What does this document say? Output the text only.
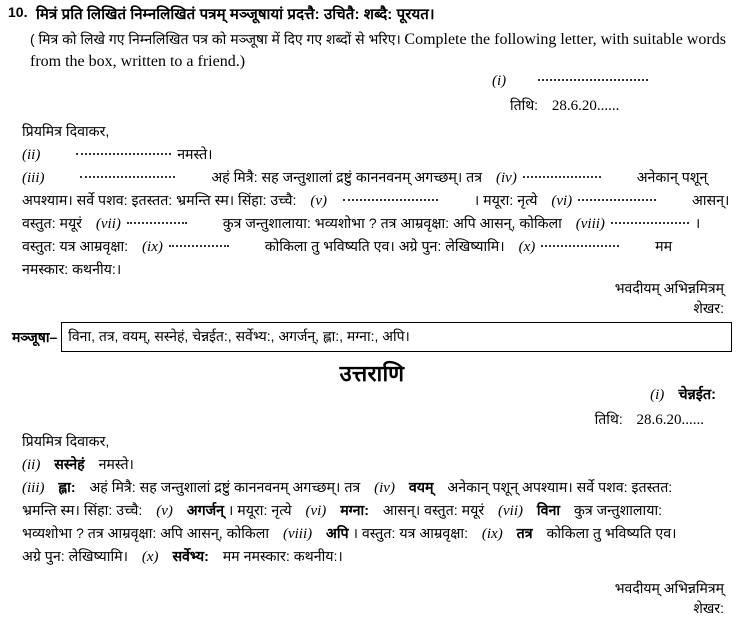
10. मित्रं प्रति लिखितं निम्नलिखितं पत्रम् मञ्जूषायां प्रदत्तै: उचितै: शब्दै: पूरयत।
( मित्र को लिखे गए निम्नलिखित पत्र को मञ्जूषा में दिए गए शब्दों से भरिए। Complete the following letter, with suitable words from the box, written to a friend.)
(i)
तिथि: 28.6.20......
प्रियमित्र दिवाकर,
(ii)	नमस्ते।
(iii)	अहं मित्रै: सह जन्तुशालां द्रष्टुं काननवनम् अगच्छम्। तत्र (iv)	अनेकान् पशून्
अपश्याम। सर्वे पशव: इतस्तत: भ्रमन्ति स्म। सिंहा: उच्चै: (v)	। मयूरा: नृत्ये (vi)	आसन्।
वस्तुत: मयूरं (vii)	कुत्र जन्तुशालाया: भव्यशोभा ? तत्र आम्रवृक्षा: अपि आसन्, कोकिला (viii)	।
वस्तुत: यत्र आम्रवृक्षा: (ix)	कोकिला तु भविष्यति एव। अग्रे पुन: लेखिष्यामि। (x)	मम
नमस्कार: कथनीय:।
भवदीयम् अभिन्नमित्रम्
शेखर:
मञ्जूषा– विना, तत्र, वयम्, सस्नेहं, चेन्नईत:, सर्वेभ्य:, अगर्जन्, ह्ला:, मग्ना:, अपि।
उत्तराणि
(i) चेन्नईत:
तिथि: 28.6.20......
प्रियमित्र दिवाकर,
(ii) सस्नेहं नमस्ते।
(iii) ह्ला: अहं मित्रै: सह जन्तुशालां द्रष्टुं काननवनम् अगच्छम्। तत्र (iv) वयम् अनेकान् पशून् अपश्याम। सर्वे पशव: इतस्तत:
भ्रमन्ति स्म। सिंहा: उच्चै: (v) अगर्जन् । मयूरा: नृत्ये (vi) मग्ना: आसन्। वस्तुत: मयूरं (vii) विना कुत्र जन्तुशालाया:
भव्यशोभा ? तत्र आम्रवृक्षा: अपि आसन्, कोकिला (viii) अपि । वस्तुत: यत्र आम्रवृक्षा: (ix) तत्र कोकिला तु भविष्यति एव।
अग्रे पुन: लेखिष्यामि। (x) सर्वेभ्य: मम नमस्कार: कथनीय:।
भवदीयम् अभिन्नमित्रम्
शेखर:
